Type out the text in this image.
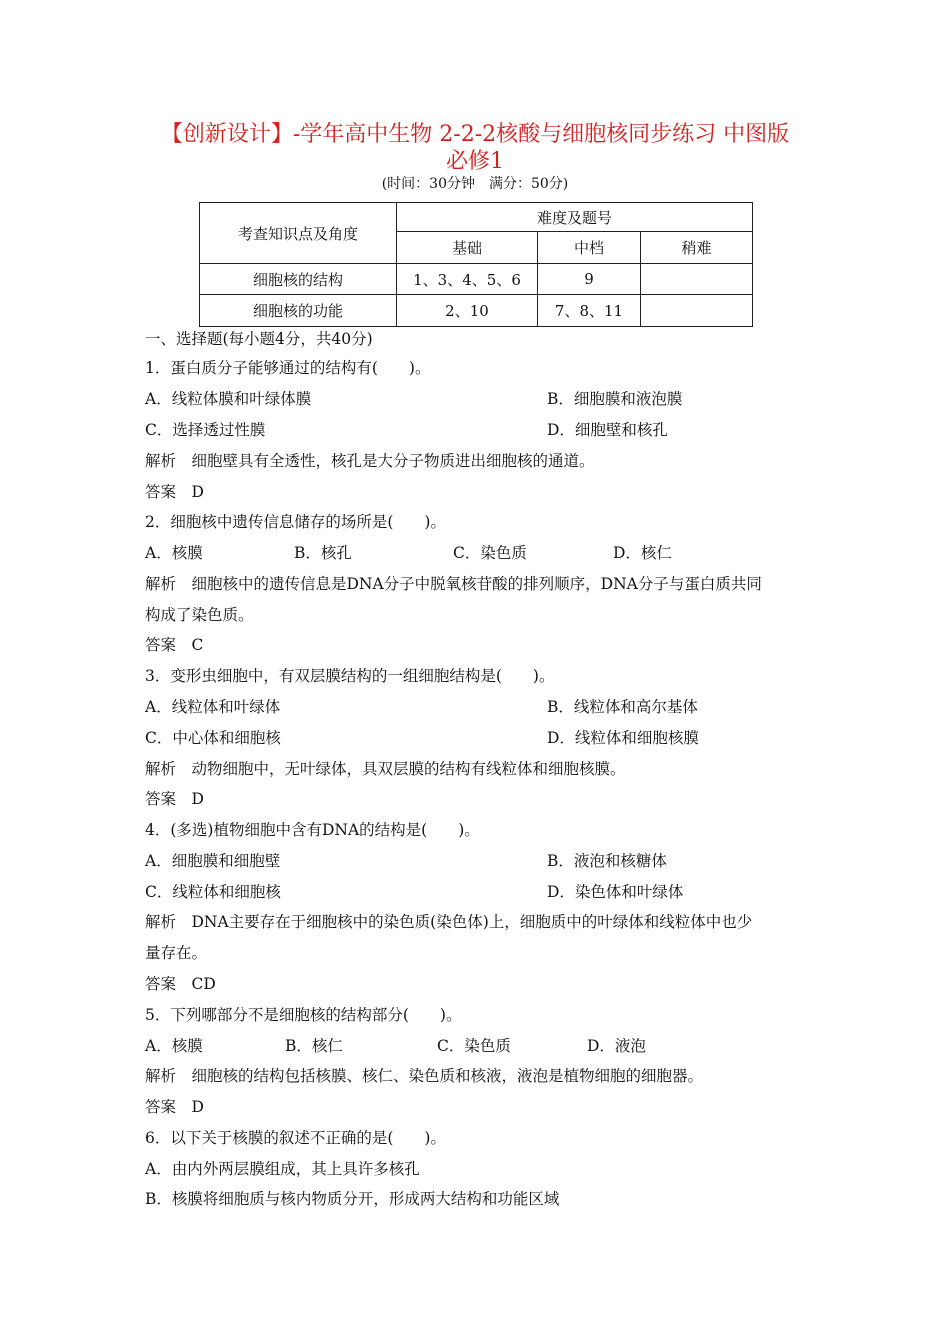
【创新设计】-学年高中生物 2-2-2核酸与细胞核同步练习 中图版
必修1
(时间：30分钟　满分：50分)
考查知识点及角度	难度及题号		
	基础	中档	稍难
细胞核的结构	1、3、4、5、6	9	
细胞核的功能	2、10	7、8、11	
一、选择题(每小题4分，共40分)
1．蛋白质分子能够通过的结构有(　　)。
A．线粒体膜和叶绿体膜	B．细胞膜和液泡膜
C．选择透过性膜	D．细胞壁和核孔
解析　细胞壁具有全透性，核孔是大分子物质进出细胞核的通道。
答案　D
2．细胞核中遗传信息储存的场所是(　　)。
A．核膜	B．核孔	C．染色质	D．核仁
解析　细胞核中的遗传信息是DNA分子中脱氧核苷酸的排列顺序，DNA分子与蛋白质共同
构成了染色质。
答案　C
3．变形虫细胞中，有双层膜结构的一组细胞结构是(　　)。
A．线粒体和叶绿体	B．线粒体和高尔基体
C．中心体和细胞核	D．线粒体和细胞核膜
解析　动物细胞中，无叶绿体，具双层膜的结构有线粒体和细胞核膜。
答案　D
4．(多选)植物细胞中含有DNA的结构是(　　)。
A．细胞膜和细胞壁	B．液泡和核糖体
C．线粒体和细胞核	D．染色体和叶绿体
解析　DNA主要存在于细胞核中的染色质(染色体)上，细胞质中的叶绿体和线粒体中也少
量存在。
答案　CD
5．下列哪部分不是细胞核的结构部分(　　)。
A．核膜	B．核仁	C．染色质	D．液泡
解析　细胞核的结构包括核膜、核仁、染色质和核液，液泡是植物细胞的细胞器。
答案　D
6．以下关于核膜的叙述不正确的是(　　)。
A．由内外两层膜组成，其上具许多核孔
B．核膜将细胞质与核内物质分开，形成两大结构和功能区域
